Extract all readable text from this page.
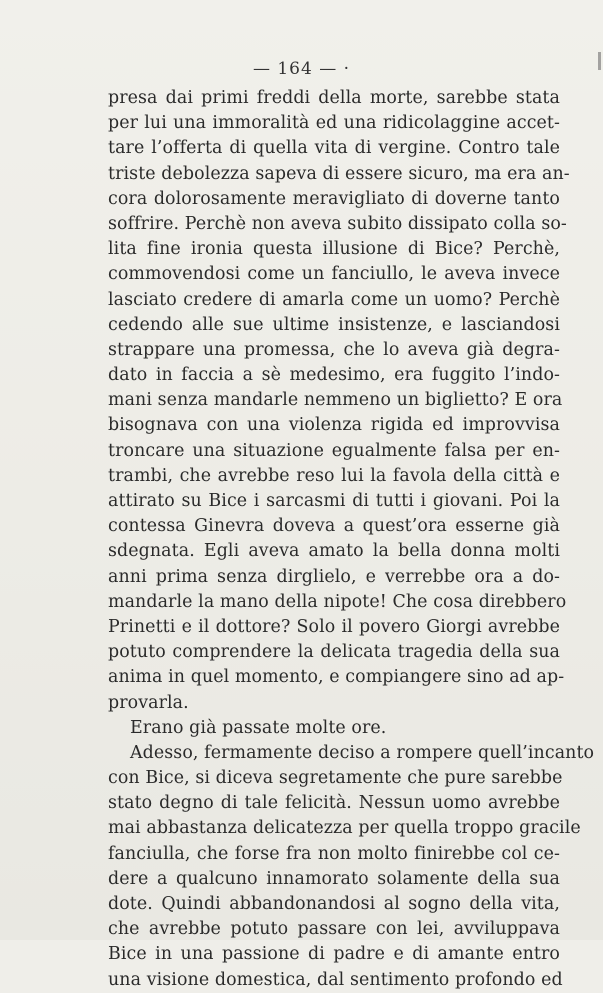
— 164 — ·
presa dai primi freddi della morte, sarebbe stata
per lui una immoralità ed una ridicolaggine accet-
tare l’offerta di quella vita di vergine. Contro tale
triste debolezza sapeva di essere sicuro, ma era an-
cora dolorosamente meravigliato di doverne tanto
soffrire. Perchè non aveva subito dissipato colla so-
lita fine ironia questa illusione di Bice? Perchè,
commovendosi come un fanciullo, le aveva invece
lasciato credere di amarla come un uomo? Perchè
cedendo alle sue ultime insistenze, e lasciandosi
strappare una promessa, che lo aveva già degra-
dato in faccia a sè medesimo, era fuggito l’indo-
mani senza mandarle nemmeno un biglietto? E ora
bisognava con una violenza rigida ed improvvisa
troncare una situazione egualmente falsa per en-
trambi, che avrebbe reso lui la favola della città e
attirato su Bice i sarcasmi di tutti i giovani. Poi la
contessa Ginevra doveva a quest’ora esserne già
sdegnata. Egli aveva amato la bella donna molti
anni prima senza dirglielo, e verrebbe ora a do-
mandarle la mano della nipote! Che cosa direbbero
Prinetti e il dottore? Solo il povero Giorgi avrebbe
potuto comprendere la delicata tragedia della sua
anima in quel momento, e compiangere sino ad ap-
provarla.
Erano già passate molte ore.
Adesso, fermamente deciso a rompere quell’incanto
con Bice, si diceva segretamente che pure sarebbe
stato degno di tale felicità. Nessun uomo avrebbe
mai abbastanza delicatezza per quella troppo gracile
fanciulla, che forse fra non molto finirebbe col ce-
dere a qualcuno innamorato solamente della sua
dote. Quindi abbandonandosi al sogno della vita,
che avrebbe potuto passare con lei, avviluppava
Bice in una passione di padre e di amante entro
una visione domestica, dal sentimento profondo ed
